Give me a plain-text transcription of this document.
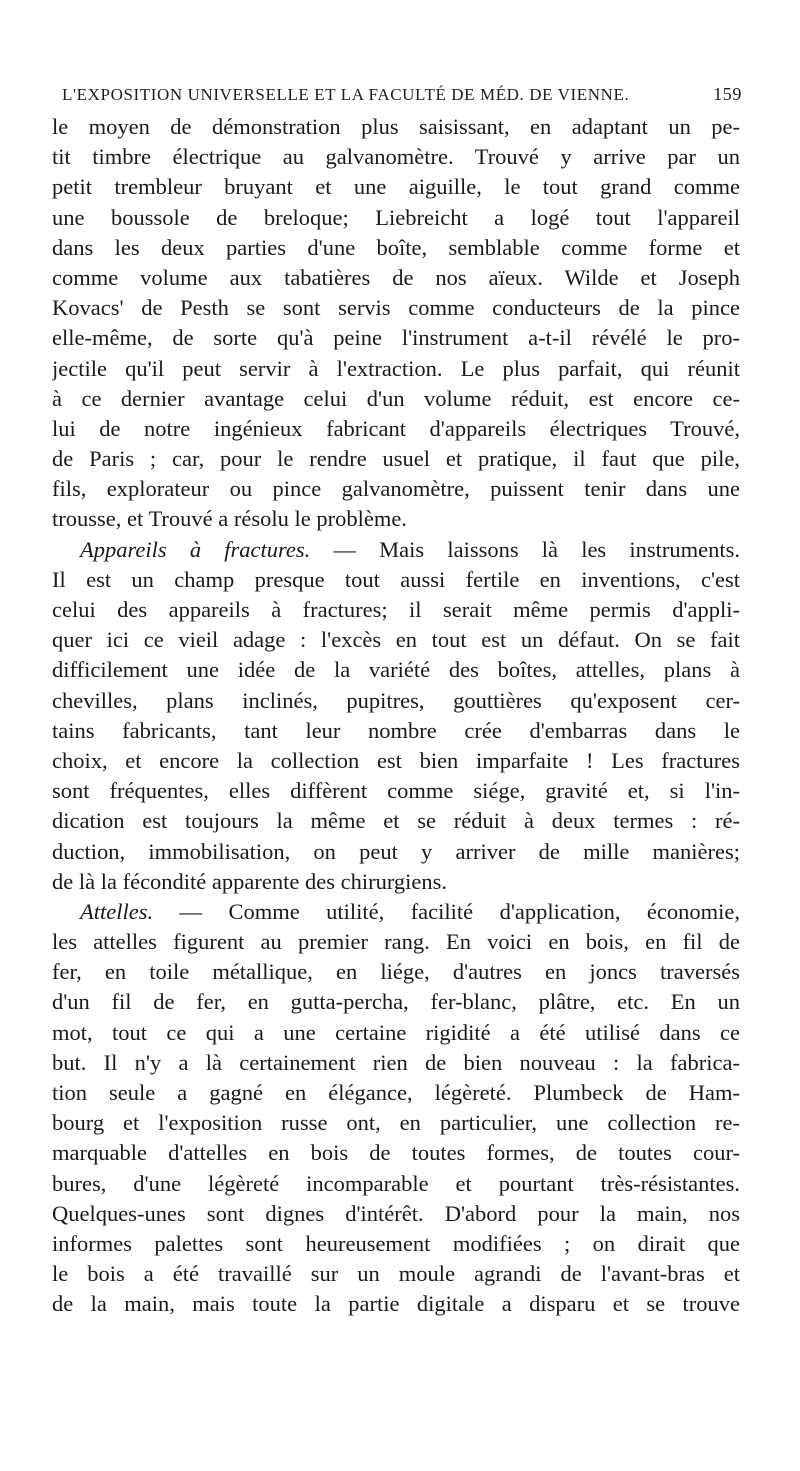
L'EXPOSITION UNIVERSELLE ET LA FACULTÉ DE MÉD. DE VIENNE.	159
le moyen de démonstration plus saisissant, en adaptant un pe-
tit timbre électrique au galvanomètre. Trouvé y arrive par un
petit trembleur bruyant et une aiguille, le tout grand comme
une boussole de breloque; Liebreicht a logé tout l'appareil
dans les deux parties d'une boîte, semblable comme forme et
comme volume aux tabatières de nos aïeux. Wilde et Joseph
Kovacs' de Pesth se sont servis comme conducteurs de la pince
elle-même, de sorte qu'à peine l'instrument a-t-il révélé le pro-
jectile qu'il peut servir à l'extraction. Le plus parfait, qui réunit
à ce dernier avantage celui d'un volume réduit, est encore ce-
lui de notre ingénieux fabricant d'appareils électriques Trouvé,
de Paris ; car, pour le rendre usuel et pratique, il faut que pile,
fils, explorateur ou pince galvanomètre, puissent tenir dans une
trousse, et Trouvé a résolu le problème.
Appareils à fractures. — Mais laissons là les instruments.
Il est un champ presque tout aussi fertile en inventions, c'est
celui des appareils à fractures; il serait même permis d'appli-
quer ici ce vieil adage : l'excès en tout est un défaut. On se fait
difficilement une idée de la variété des boîtes, attelles, plans à
chevilles, plans inclinés, pupitres, gouttières qu'exposent cer-
tains fabricants, tant leur nombre crée d'embarras dans le
choix, et encore la collection est bien imparfaite ! Les fractures
sont fréquentes, elles diffèrent comme siége, gravité et, si l'in-
dication est toujours la même et se réduit à deux termes : ré-
duction, immobilisation, on peut y arriver de mille manières;
de là la fécondité apparente des chirurgiens.
Attelles. — Comme utilité, facilité d'application, économie,
les attelles figurent au premier rang. En voici en bois, en fil de
fer, en toile métallique, en liége, d'autres en joncs traversés
d'un fil de fer, en gutta-percha, fer-blanc, plâtre, etc. En un
mot, tout ce qui a une certaine rigidité a été utilisé dans ce
but. Il n'y a là certainement rien de bien nouveau : la fabrica-
tion seule a gagné en élégance, légèreté. Plumbeck de Ham-
bourg et l'exposition russe ont, en particulier, une collection re-
marquable d'attelles en bois de toutes formes, de toutes cour-
bures, d'une légèreté incomparable et pourtant très-résistantes.
Quelques-unes sont dignes d'intérêt. D'abord pour la main, nos
informes palettes sont heureusement modifiées ; on dirait que
le bois a été travaillé sur un moule agrandi de l'avant-bras et
de la main, mais toute la partie digitale a disparu et se trouve
